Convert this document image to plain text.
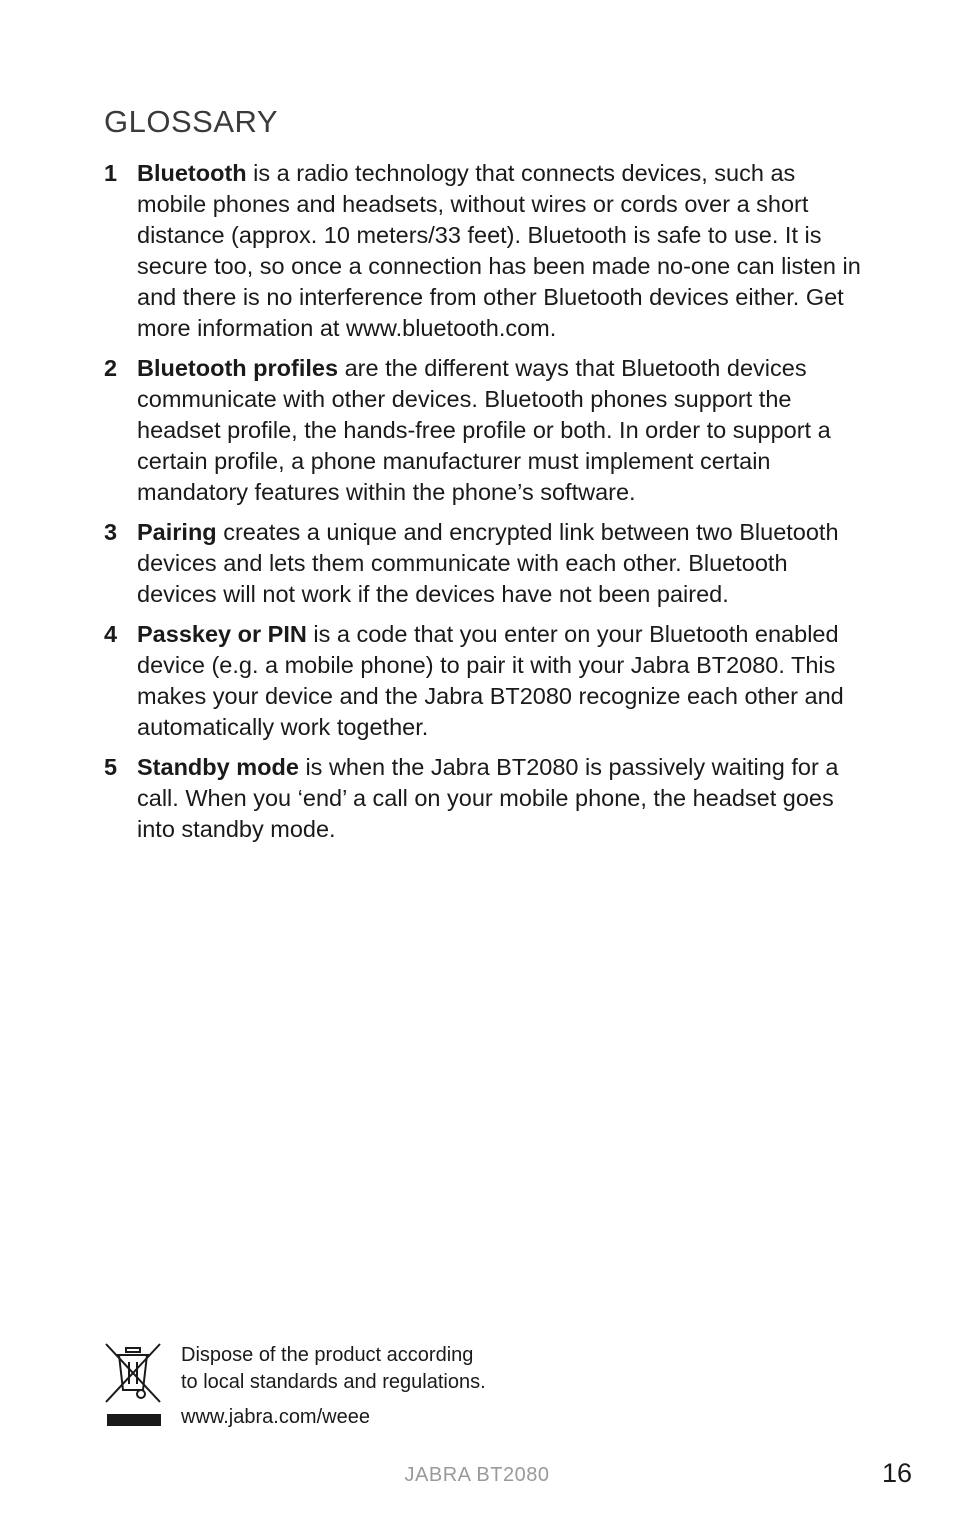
GLOSSARY
1 Bluetooth is a radio technology that connects devices, such as mobile phones and headsets, without wires or cords over a short distance (approx. 10 meters/33 feet). Bluetooth is safe to use. It is secure too, so once a connection has been made no-one can listen in and there is no interference from other Bluetooth devices either. Get more information at www.bluetooth.com.
2 Bluetooth profiles are the different ways that Bluetooth devices communicate with other devices. Bluetooth phones support the headset profile, the hands-free profile or both. In order to support a certain profile, a phone manufacturer must implement certain mandatory features within the phone’s software.
3 Pairing creates a unique and encrypted link between two Bluetooth devices and lets them communicate with each other. Bluetooth devices will not work if the devices have not been paired.
4 Passkey or PIN is a code that you enter on your Bluetooth enabled device (e.g. a mobile phone) to pair it with your Jabra BT2080. This makes your device and the Jabra BT2080 recognize each other and automatically work together.
5 Standby mode is when the Jabra BT2080 is passively waiting for a call. When you ‘end’ a call on your mobile phone, the headset goes into standby mode.
Dispose of the product according
to local standards and regulations.
www.jabra.com/weee
JABRA BT2080	16
